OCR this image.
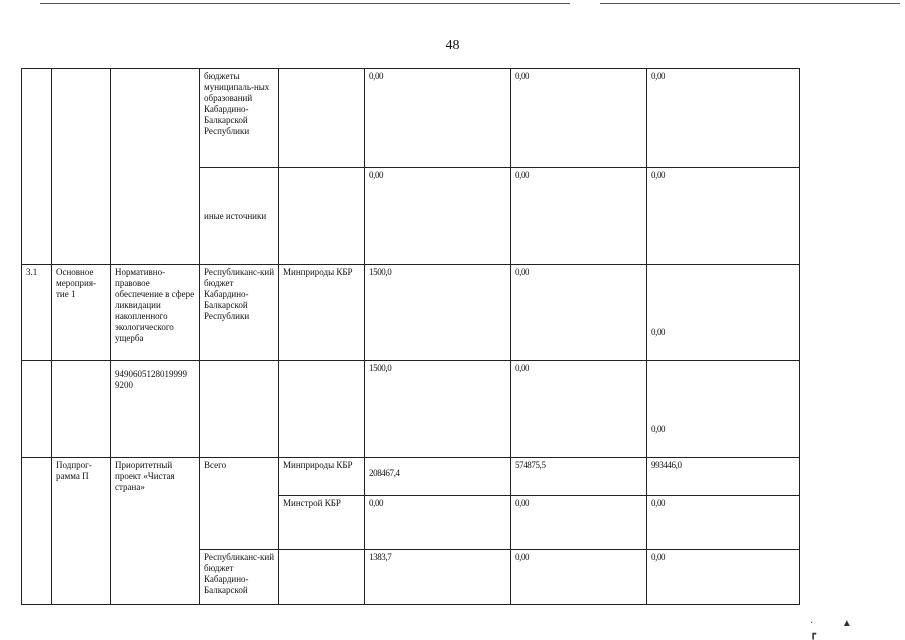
48
			бюджеты муниципаль-ных образований Кабардино-Балкарской Республики		0,00	0,00	0,00
			иные источники		0,00	0,00	0,00
3.1	Основное мероприя-тие 1	Нормативно-правовое обеспечение в сфере ликвидации накопленного экологического ущерба	Республиканс-кий бюджет Кабардино-Балкарской Республики	Минприроды КБР	1500,0	0,00	0,00
		9490605128019999 9200			1500,0	0,00	0,00
	Подпрог-рамма П	Приоритетный проект «Чистая страна»	Всего	Минприроды КБР	208467,4	574875,5	993446,0
				Минстрой КБР	0,00	0,00	0,00
			Республиканс-кий бюджет Кабардино-Балкарской		1383,7	0,00	0,00
·	▲ ┏
